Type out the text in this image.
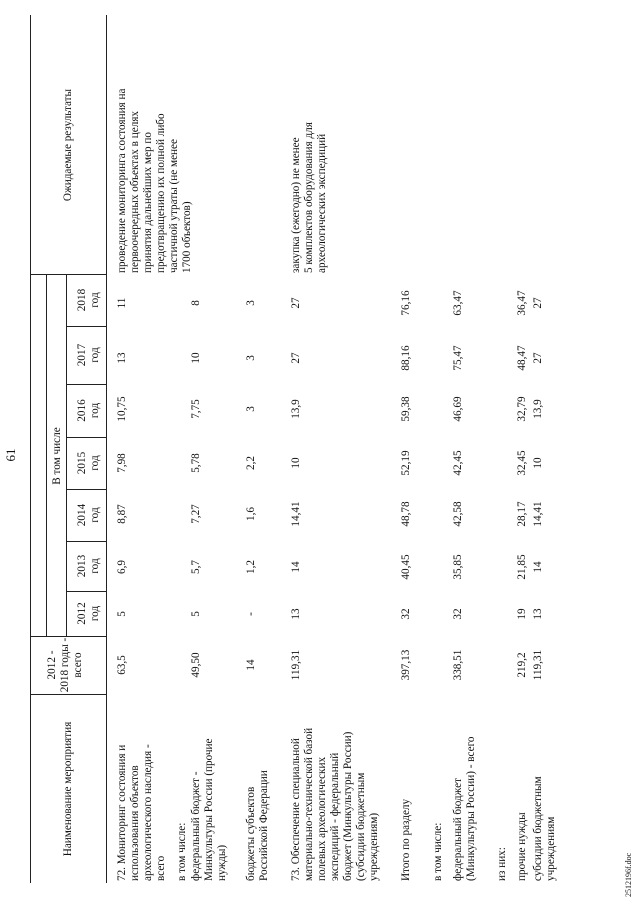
61
Наименование мероприятия
2012 -
2018 годы -
всего
В том числе
2012
год
2013
год
2014
год
2015
год
2016
год
2017
год
2018
год
Ожидаемые результаты
72. Мониторинг состояния и
использования объектов
археологического наследия -
всего
63,5
5
6,9
8,87
7,98
10,75
13
11
проведение мониторинга состояния на
первоочередных объектах в целях
принятия дальнейших мер по
предотвращению их полной либо
частичной утраты (не менее
1700 объектов)
в том числе: федеральный бюджет -
Минкультуры России (прочие
нужды)
49,50
5
5,7
7,27
5,78
7,75
10
8
бюджеты субъектов
Российской Федерации
14
-
1,2
1,6
2,2
3
3
3
73. Обеспечение специальной
материально-технической базой
полевых археологических
экспедиций - федеральный
бюджет (Минкультуры России)
(субсидии бюджетным
учреждениям)
119,31
13
14
14,41
10
13,9
27
27
закупка (ежегодно) не менее
5 комплектов оборудования для
археологических экспедиций
Итого по разделу
397,13
32
40,45
48,78
52,19
59,38
88,16
76,16
в том числе: федеральный бюджет
(Минкультуры России) - всего
338,51
32
35,85
42,58
42,45
46,69
75,47
63,47
из них: прочие нужды
219,2
19
21,85
28,17
32,45
32,79
48,47
36,47
субсидии бюджетным
учреждениям
119,31
13
14
14,41
10
13,9
27
27
2512196f.doc
